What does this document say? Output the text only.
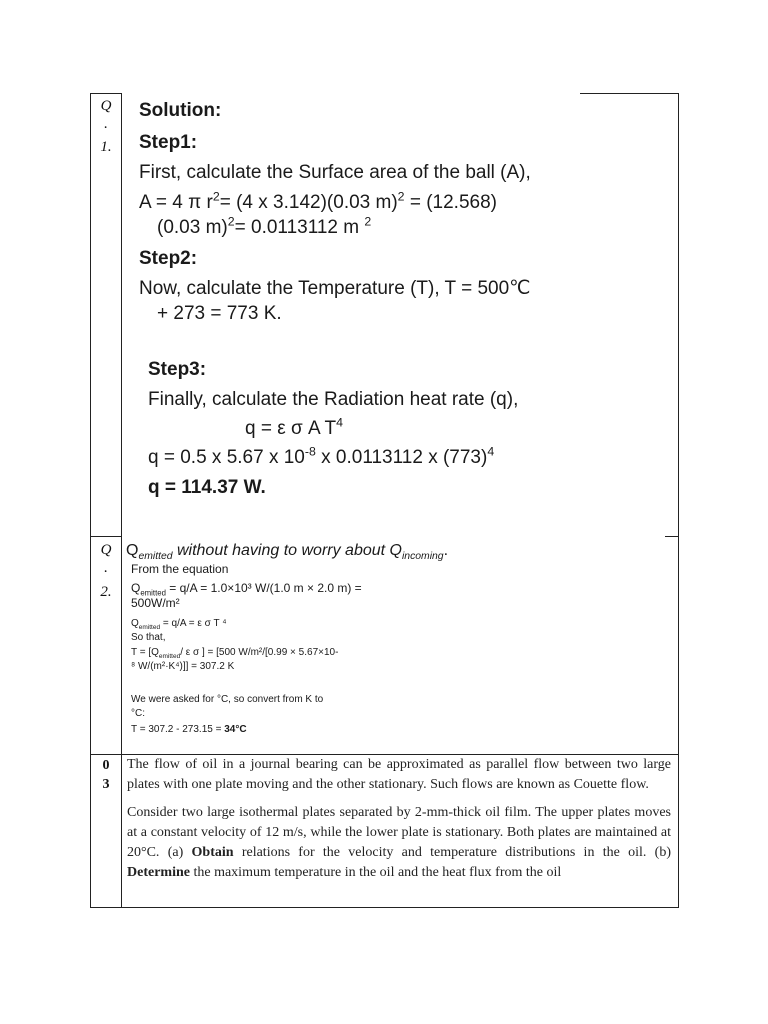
Q
.
1.
Solution:
Step1:
First, calculate the Surface area of the ball (A),
A = 4 π $r^2= (4$ x 3.142)(0.03 m)$^2$ = (12.568)
(0.03 m)$^2$= 0.0113112 m $^2$
Step2:
Now, calculate the Temperature (T), T = 500℃
+ 273 = 773 K.
Step3:
Finally, calculate the Radiation heat rate (q),
q = ε σ A $T^4$
q = 0.5 x 5.67 x $10^{-8}$ x 0.0113112 x $(773)^4$
q = 114.37 W.
Q
.
2.
$Q_{emitted}$ without having to worry about $Q_{incoming}$.
From the equation
$Q_{emitted} = q/A = 1.0\times 10^3$ W/(1.0 m × 2.0 m) =
500W/m²
$Q_{emitted} = q/A = \varepsilon$ σ T ⁴
So that,
$T = [Q_{emitted}/$ ε σ ] = [500 W/m²/[0.99 × 5.67×10-
⁸ W/(m²·K⁴)]] = 307.2 K
We were asked for °C, so convert from K to
°C:
T = 307.2 - 273.15 = 34°C
0
3

The flow of oil in a journal bearing can be approximated as parallel flow between two large plates with one plate moving and the other stationary. Such flows are known as Couette flow.

Consider two large isothermal plates separated by 2-mm-thick oil film. The upper plates moves at a constant velocity of 12 m/s, while the lower plate is stationary. Both plates are maintained at 20°C. (a) Obtain relations for the velocity and temperature distributions in the oil. (b) Determine the maximum temperature in the oil and the heat flux from the oil
